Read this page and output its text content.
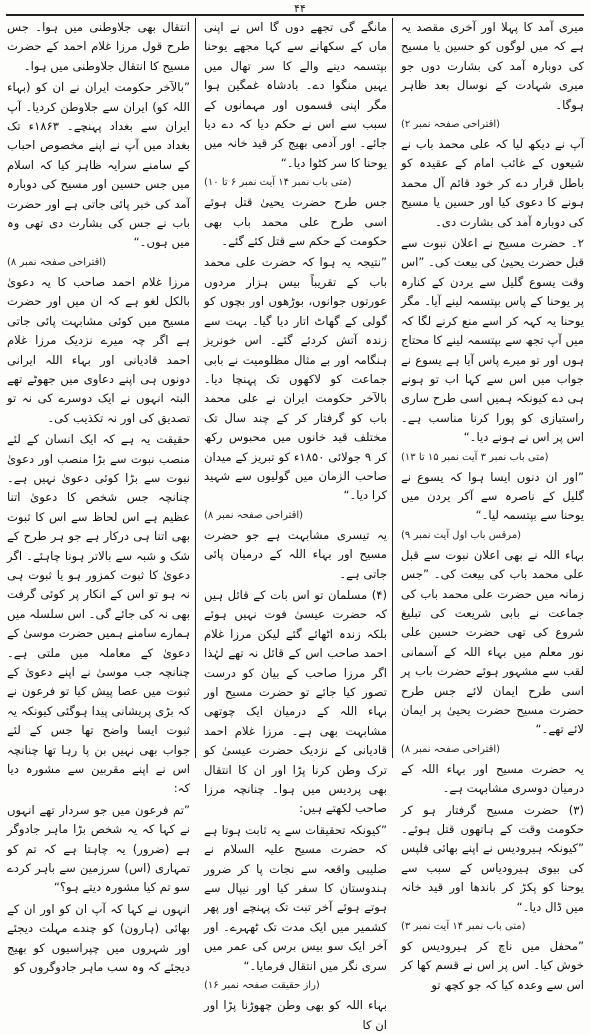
۴۴
میری آمد کا پہلا اور آخری مقصد یہ ہے کہ میں لوگوں کو حسین یا مسیح کی دوبارہ آمد کی بشارت دوں جو میری شہادت کے نوسال بعد ظاہر ہوگا۔
(اقتراحی صفحہ نمبر ۲)
آپ نے دیکھ لیا کہ علی محمد باب نے شیعوں کے غائب امام کے عقیدہ کو باطل قرار دے کر خود قائم آل محمد ہونے کا دعوی کیا اور حسین یا مسیح کی دوبارہ آمد کی بشارت دی۔
۲۔ حضرت مسیح نے اعلان نبوت سے قبل حضرت یحییٰ کی بیعت کی۔ ”اس وقت یسوع گلیل سے یردن کے کنارہ پر یوحنا کے پاس بپتسمہ لینے آیا۔ مگر یوحنا یہ کہہ کر اسے منع کرنے لگا کہ میں آپ تجھ سے بپتسمہ لینے کا محتاج ہوں اور تو میرے پاس آیا ہے یسوع نے جواب میں اس سے کہا اب تو ہونے ہی دے کیونکہ ہمیں اسی طرح ساری راستبازی کو پورا کرنا مناسب ہے۔ اس پر اس نے ہونے دیا۔“
(متی باب نمبر ۳ آیت نمبر ۱۵ تا ۱۳)
”اور ان دنوں ایسا ہوا کہ یسوع نے گلیل کے ناصرہ سے آکر یردن میں یوحنا سے بپتسمہ لیا۔“
(مرقس باب اول آیت نمبر ۹)
بہاء اللہ نے بھی اعلان نبوت سے قبل علی محمد باب کی بیعت کی۔ ”جس زمانہ میں حضرت علی محمد باب کی جماعت نے بابی شریعت کی تبلیغ شروع کی تھی حضرت حسین علی نور معلم میں بہاء اللہ کے آسمانی لقب سے مشہور ہوئے حضرت باب پر اسی طرح ایمان لائے جس طرح حضرت مسیح حضرت یحییٰ پر ایمان لائے تھے۔“
(اقتراحی صفحہ نمبر ۸)
یہ حضرت مسیح اور بہاء اللہ کے درمیان دوسری مشابہت ہے۔
(۳) حضرت مسیح گرفتار ہو کر حکومت وقت کے ہاتھوں قتل ہوئے۔ ”کیونکہ ہیرودیس نے اپنے بھائی فلپس کی بیوی ہیرودیاس کے سبب سے یوحنا کو پکڑ کر باندھا اور قید خانہ میں ڈال دیا۔“
(متی باب نمبر ۱۴ آیت نمبر ۳)
”محفل میں ناچ کر ہیرودیس کو خوش کیا۔ اس پر اس نے قسم کھا کر اس سے وعدہ کیا کہ جو کچھ تو
مانگے گی تجھے دوں گا اس نے اپنی ماں کے سکھانے سے کہا مجھے یوحنا بپتسمہ دینے والے کا سر تھال میں یہیں منگوا دے۔ بادشاہ غمگین ہوا مگر اپنی قسموں اور مہمانوں کے سبب سے اس نے حکم دیا کہ دے دیا جائے۔ اور آدمی بھیج کر قید خانہ میں یوحنا کا سر کٹوا دیا۔“
(متی باب نمبر ۱۴ آیت نمبر ۶ تا ۱۰)
جس طرح حضرت یحییٰ قتل ہوئے اسی طرح علی محمد باب بھی حکومت کے حکم سے قتل کئے گئے۔
”نتیجہ یہ ہوا کہ حضرت علی محمد باب کے تقریباً بیس ہزار مردوں عورتوں جوانوں، بوڑھوں اور بچوں کو گولی کے گھاٹ اتار دیا گیا۔ بہت سے زندہ آتش کردئے گئے۔ اس خونریز ہنگامہ اور بے مثال مظلومیت نے بابی جماعت کو لاکھوں تک پہنچا دیا۔ بالآخر حکومت ایران نے علی محمد باب کو گرفتار کر کے چند سال تک مختلف قید خانوں میں محبوس رکھ کر ۹ جولائی ۱۸۵۰ء کو تبریز کے میدان صاحب الزمان میں گولیوں سے شہید کرا دیا۔“
(اقتراحی صفحہ نمبر ۸)
یہ تیسری مشابہت ہے جو حضرت مسیح اور بہاء اللہ کے درمیان پائی جاتی ہے۔
(۴) مسلمان تو اس بات کے قائل ہیں کہ حضرت عیسیٰ فوت نہیں ہوئے بلکہ زندہ اٹھائے گئے لیکن مرزا غلام احمد صاحب اس کے قائل نہ تھے لہٰذا اگر مرزا صاحب کے بیان کو درست تصور کیا جائے تو حضرت مسیح اور بہاء اللہ کے درمیان ایک چوتھی مشابہت بھی ہے۔ مرزا غلام احمد قادیانی کے نزدیک حضرت عیسیٰ کو ترک وطن کرنا پڑا اور ان کا انتقال بھی پردیس میں ہوا۔ چنانچہ مرزا صاحب لکھتے ہیں:
”کیونکہ تحقیقات سے یہ ثابت ہوتا ہے کہ حضرت مسیح علیہ السلام نے صلیبی واقعہ سے نجات پا کر ضرور ہندوستان کا سفر کیا اور نیپال سے ہوتے ہوئے آخر تبت تک پہنچے اور پھر کشمیر میں ایک مدت تک ٹھہرے۔ اور آخر ایک سو بیس برس کی عمر میں سری نگر میں انتقال فرمایا۔“
(راز حقیقت صفحہ نمبر ۱۶)
بہاء اللہ کو بھی وطن چھوڑنا پڑا اور ان کا
انتقال بھی جلاوطنی میں ہوا۔ جس طرح قول مرزا غلام احمد کے حضرت مسیح کا انتقال جلاوطنی میں ہوا۔
”بالآخر حکومت ایران نے ان کو (بہاء اللہ کو) ایران سے جلاوطن کردیا۔ آپ ایران سے بغداد پہنچے۔ ۱۸۶۳ء تک بغداد میں آپ نے اپنے مخصوص احباب کے سامنے سرایہ ظاہر کیا کہ اسلام میں جس حسین اور مسیح کی دوبارہ آمد کی خبر پائی جاتی ہے اور حضرت باب نے جس کی بشارت دی تھی وہ میں ہوں۔“
(اقتراحی صفحہ نمبر ۸)
مرزا غلام احمد صاحب کا یہ دعویٰ بالکل لغو ہے کہ ان میں اور حضرت مسیح میں کوئی مشابہت پائی جاتی ہے اگر چہ میرے نزدیک مرزا غلام احمد قادیانی اور بہاء اللہ ایرانی دونوں ہی اپنے دعاوی میں جھوٹے تھے البتہ انہوں نے ایک دوسرے کی نہ تو تصدیق کی اور نہ تکذیب کی۔
حقیقت یہ ہے کہ ایک انسان کے لئے منصب نبوت سے بڑا منصب اور دعویٰ نبوت سے بڑا کوئی دعویٰ نہیں ہے۔ چنانچہ جس شخص کا دعویٰ اتنا عظیم ہے اس لحاظ سے اس کا ثبوت بھی اتنا ہی درکار ہے جو ہر طرح کے شک و شبہ سے بالاتر ہونا چاہئے۔ اگر دعویٰ کا ثبوت کمزور ہو یا ثبوت ہی نہ ہو تو اس کے انکار پر کوئی گرفت بھی نہ کی جائے گی۔ اس سلسلہ میں ہمارے سامنے ہمیں حضرت موسیٰ کے دعویٰ کے معاملہ میں ملتی ہے۔ چنانچہ جب موسیٰ نے اپنے دعویٰ کے ثبوت میں عصا پیش کیا تو فرعون نے کہ بڑی پریشانی پیدا ہوگئی کیونکہ یہ ثبوت ایسا واضح تھا جس کے لئے جواب بھی نہیں بن پا رہا تھا چنانچہ اس نے اپنے مقربین سے مشورہ دیا کہ:
”تم فرعون میں جو سردار تھے انہوں نے کہا کہ یہ شخص بڑا ماہر جادوگر ہے (ضرور) یہ چاہتا ہے کہ تم کو تمہاری (اس) سرزمین سے باہر کردے سو تم کیا مشورہ دیتے ہو؟“
انہوں نے کہا کہ آپ ان کو اور ان کے بھائی (ہارون) کو چندے مہلت دیجئے اور شہروں میں چپراسیوں کو بھیج دیجئے کہ وہ سب ماہر جادوگروں کو
